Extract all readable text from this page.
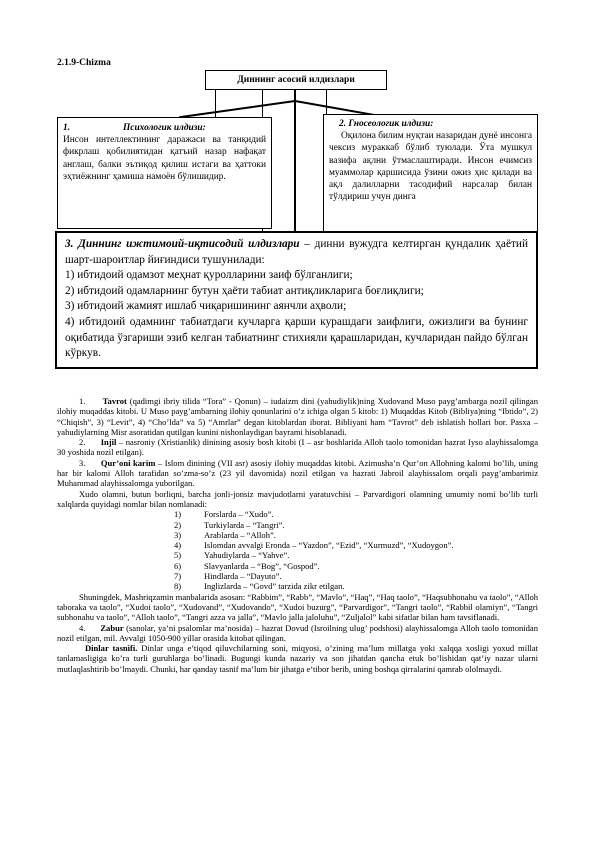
2.1.9-Chizma
Диннинг асосий илдизлари
1.	Психологик илдизи:
Инсон интеллектининг даражаси ва танқидий фикрлаш қобилиятидан қатъий назар нафақат англаш, балки эътиқод қилиш истаги ва ҳаттоки эҳтиёжнинг ҳамиша намоён бўлишидир.
2. Гносеологик илдизи:
Оқилона билим нуқтаи назаридан дунё инсонга чексиз мураккаб бўлиб туюлади. Ўта мушкул вазифа ақлни ўтмаслаштиради. Инсон ечимсиз муаммолар қаршисида ўзини ожиз ҳис қилади ва ақл далилларни тасодифий нарсалар билан тўлдириш учун динга
3. Диннинг ижтимоий-иқтисодий илдизлари – динни вужудга келтирган қундалик ҳаётий шарт-шароитлар йиғиндиси тушунилади:
1) ибтидоий одамзот меҳнат қуролларини заиф бўлганлиги;
2) ибтидоий одамларнинг бутун ҳаёти табиат антиқликларига боғлиқлиги;
3) ибтидоий жамият ишлаб чиқаришининг аянчли аҳволи;
4) ибтидоий одамнинг табиатдаги кучларга қарши курашдаги заифлиги, ожизлиги ва бунинг оқибатида ўзгариши эзиб келган табиатнинг стихияли қарашларидан, кучларидан пайдо бўлган кўркув.
1. Tavrot (qadimgi ibriy tilida “Tora” - Qonun) – iudaizm dini (yahudiylik)ning Xudovand Muso payg’ambarga nozil qilingan ilohiy muqaddas kitobi. U Muso payg’ambarning ilohiy qonunlarini o’z ichiga olgan 5 kitob: 1) Muqaddas Kitob (Bibliya)ning “Ibtido”, 2) “Chiqish”, 3) “Levit”, 4) “Cho’lda” va 5) “Amrlar” degan kitoblardan iborat. Bibliyani ham “Tavrot” deb ishlatish hollari bor. Pasxa – yahudiylarning Misr asoratidan qutilgan kunini nishonlaydigan bayrami hisoblanadi.
2. Injil – nasroniy (Xristianlik) dinining asosiy bosh kitobi (I – asr boshlarida Alloh taolo tomonidan hazrat Iyso alayhissalomga 30 yoshida nozil etilgan).
3. Qur’oni karim – Islom dinining (VII asr) asosiy ilohiy muqaddas kitobi. Azimusha’n Qur’on Allohning kalomi bo’lib, uning har bir kalomi Alloh tarafidan so’zma-so’z (23 yil davomida) nozil etilgan va hazrati Jabroil alayhissalom orqali payg’ambarimiz Muhammad alayhissalomga yuborilgan.
Xudo olamni, butun borliqni, barcha jonli-jonsiz mavjudotlarni yaratuvchisi – Parvardigori olamning umumiy nomi bo’lib turli xalqlarda quyidagi nomlar bilan nomlanadi:
1)	Forslarda – “Xudo”.
2)	Turkiylarda – “Tangri”.
3)	Arablarda – “Alloh”.
4)	Islomdan avvalgi Eronda – “Yazdon”, “Ezid”, “Xurmuzd”, “Xudoygon”.
5)	Yahudiylarda – “Yahve”.
6)	Slavyanlarda – “Bog”, “Gospod”.
7)	Hindlarda – “Dayuto”.
8)	Inglizlarda – “Govd” tarzida zikr etilgan.
Shuningdek, Mashriqzamin manbalarida asosan: “Rabbim”, “Rabb”, “Mavlo”, “Haq”, “Haq taolo”, “Haqsubhonahu va taolo”, “Alloh taboraka va taolo”, “Xudoi taolo”, “Xudovand”, “Xudovando”, “Xudoi buzurg”, “Parvardigor”, “Tangri taolo”, “Rabbil olamiyn”, “Tangri subhonahu va taolo”, “Alloh taolo”, “Tangri azza va jalla”, “Mavlo jalla jaloluhu”, “Zuljalol” kabi sifatlar bilan ham tavsiflanadi.
4. Zabur (sanolar, ya’ni psalomlar ma’nosida) – hazrat Dovud (Isroilning ulug’ podshosi) alayhissalomga Alloh taolo tomonidan nozil etilgan, mil. Avvalgi 1050-900 yillar orasida kitobat qilingan.
Dinlar tasnifi. Dinlar unga e’tiqod qiluvchilarning soni, miqyosi, o’zining ma’lum millatga yoki xalqqa xosligi yoxud millat tanlamasligiga ko’ra turli guruhlarga bo’linadi. Bugungi kunda nazariy va son jihatdan qancha etuk bo’lishidan qat’iy nazar ularni mutlaqlashtirib bo’lmaydi. Chunki, har qanday tasnif ma’lum bir jihatga e’tibor berib, uning boshqa qirralarini qamrab ololmaydi.
